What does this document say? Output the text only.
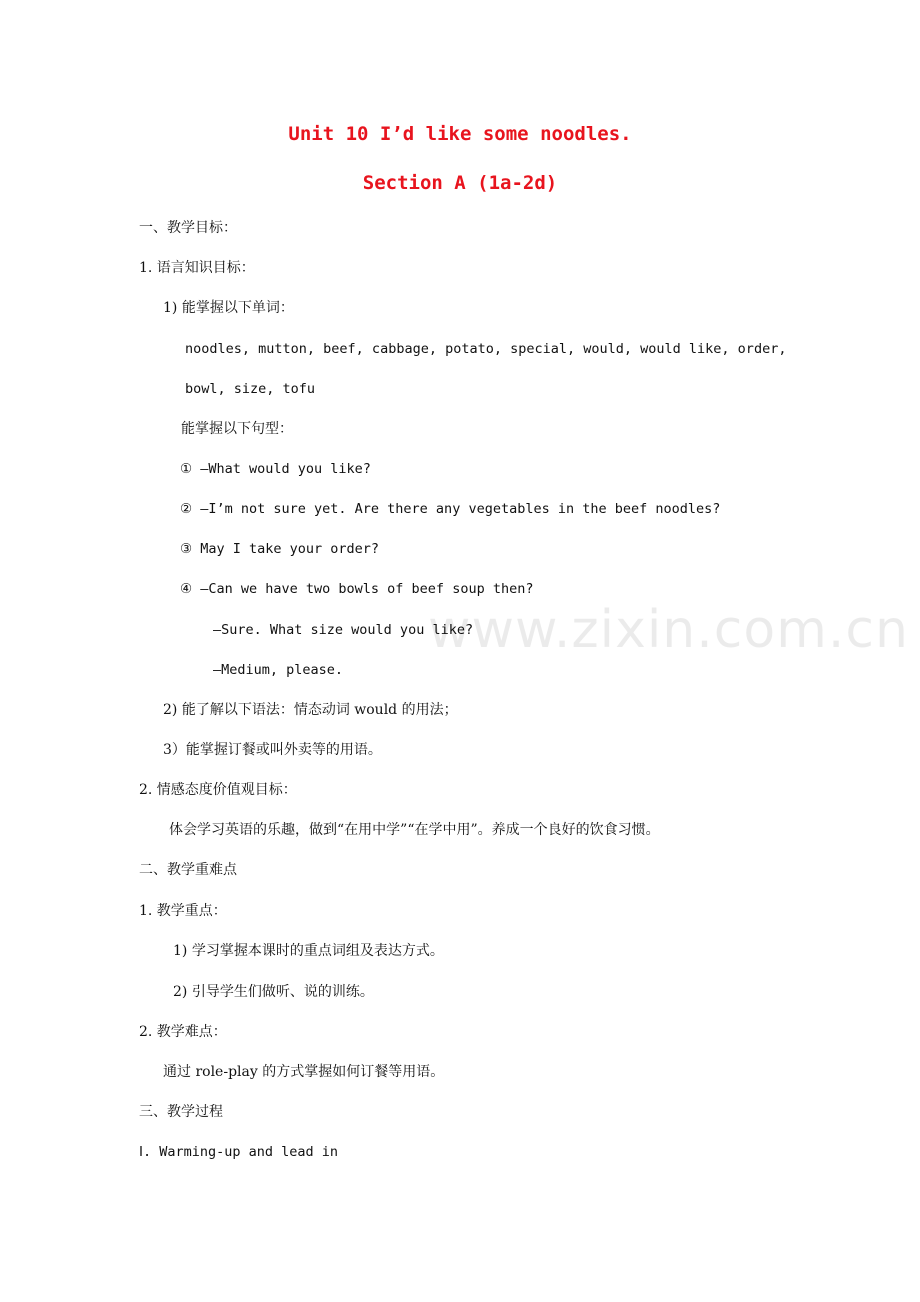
www.zixin.com.cn
Unit 10 I’d like some noodles.
Section A (1a-2d)
一、教学目标：
1. 语言知识目标：
1) 能掌握以下单词：
noodles, mutton, beef, cabbage, potato, special, would, would like, order,
bowl, size, tofu
能掌握以下句型：
① —What would you like?
② —I’m not sure yet. Are there any vegetables in the beef noodles?
③ May I take your order?
④ —Can we have two bowls of beef soup then?
—Sure. What size would you like?
—Medium, please.
2) 能了解以下语法：情态动词 would 的用法；
3）能掌握订餐或叫外卖等的用语。
2. 情感态度价值观目标：
体会学习英语的乐趣，做到“在用中学”“在学中用”。养成一个良好的饮食习惯。
二、教学重难点
1. 教学重点：
1) 学习掌握本课时的重点词组及表达方式。
2) 引导学生们做听、说的训练。
2. 教学难点：
通过 role-play 的方式掌握如何订餐等用语。
三、教学过程
Ⅰ. Warming-up and lead in
